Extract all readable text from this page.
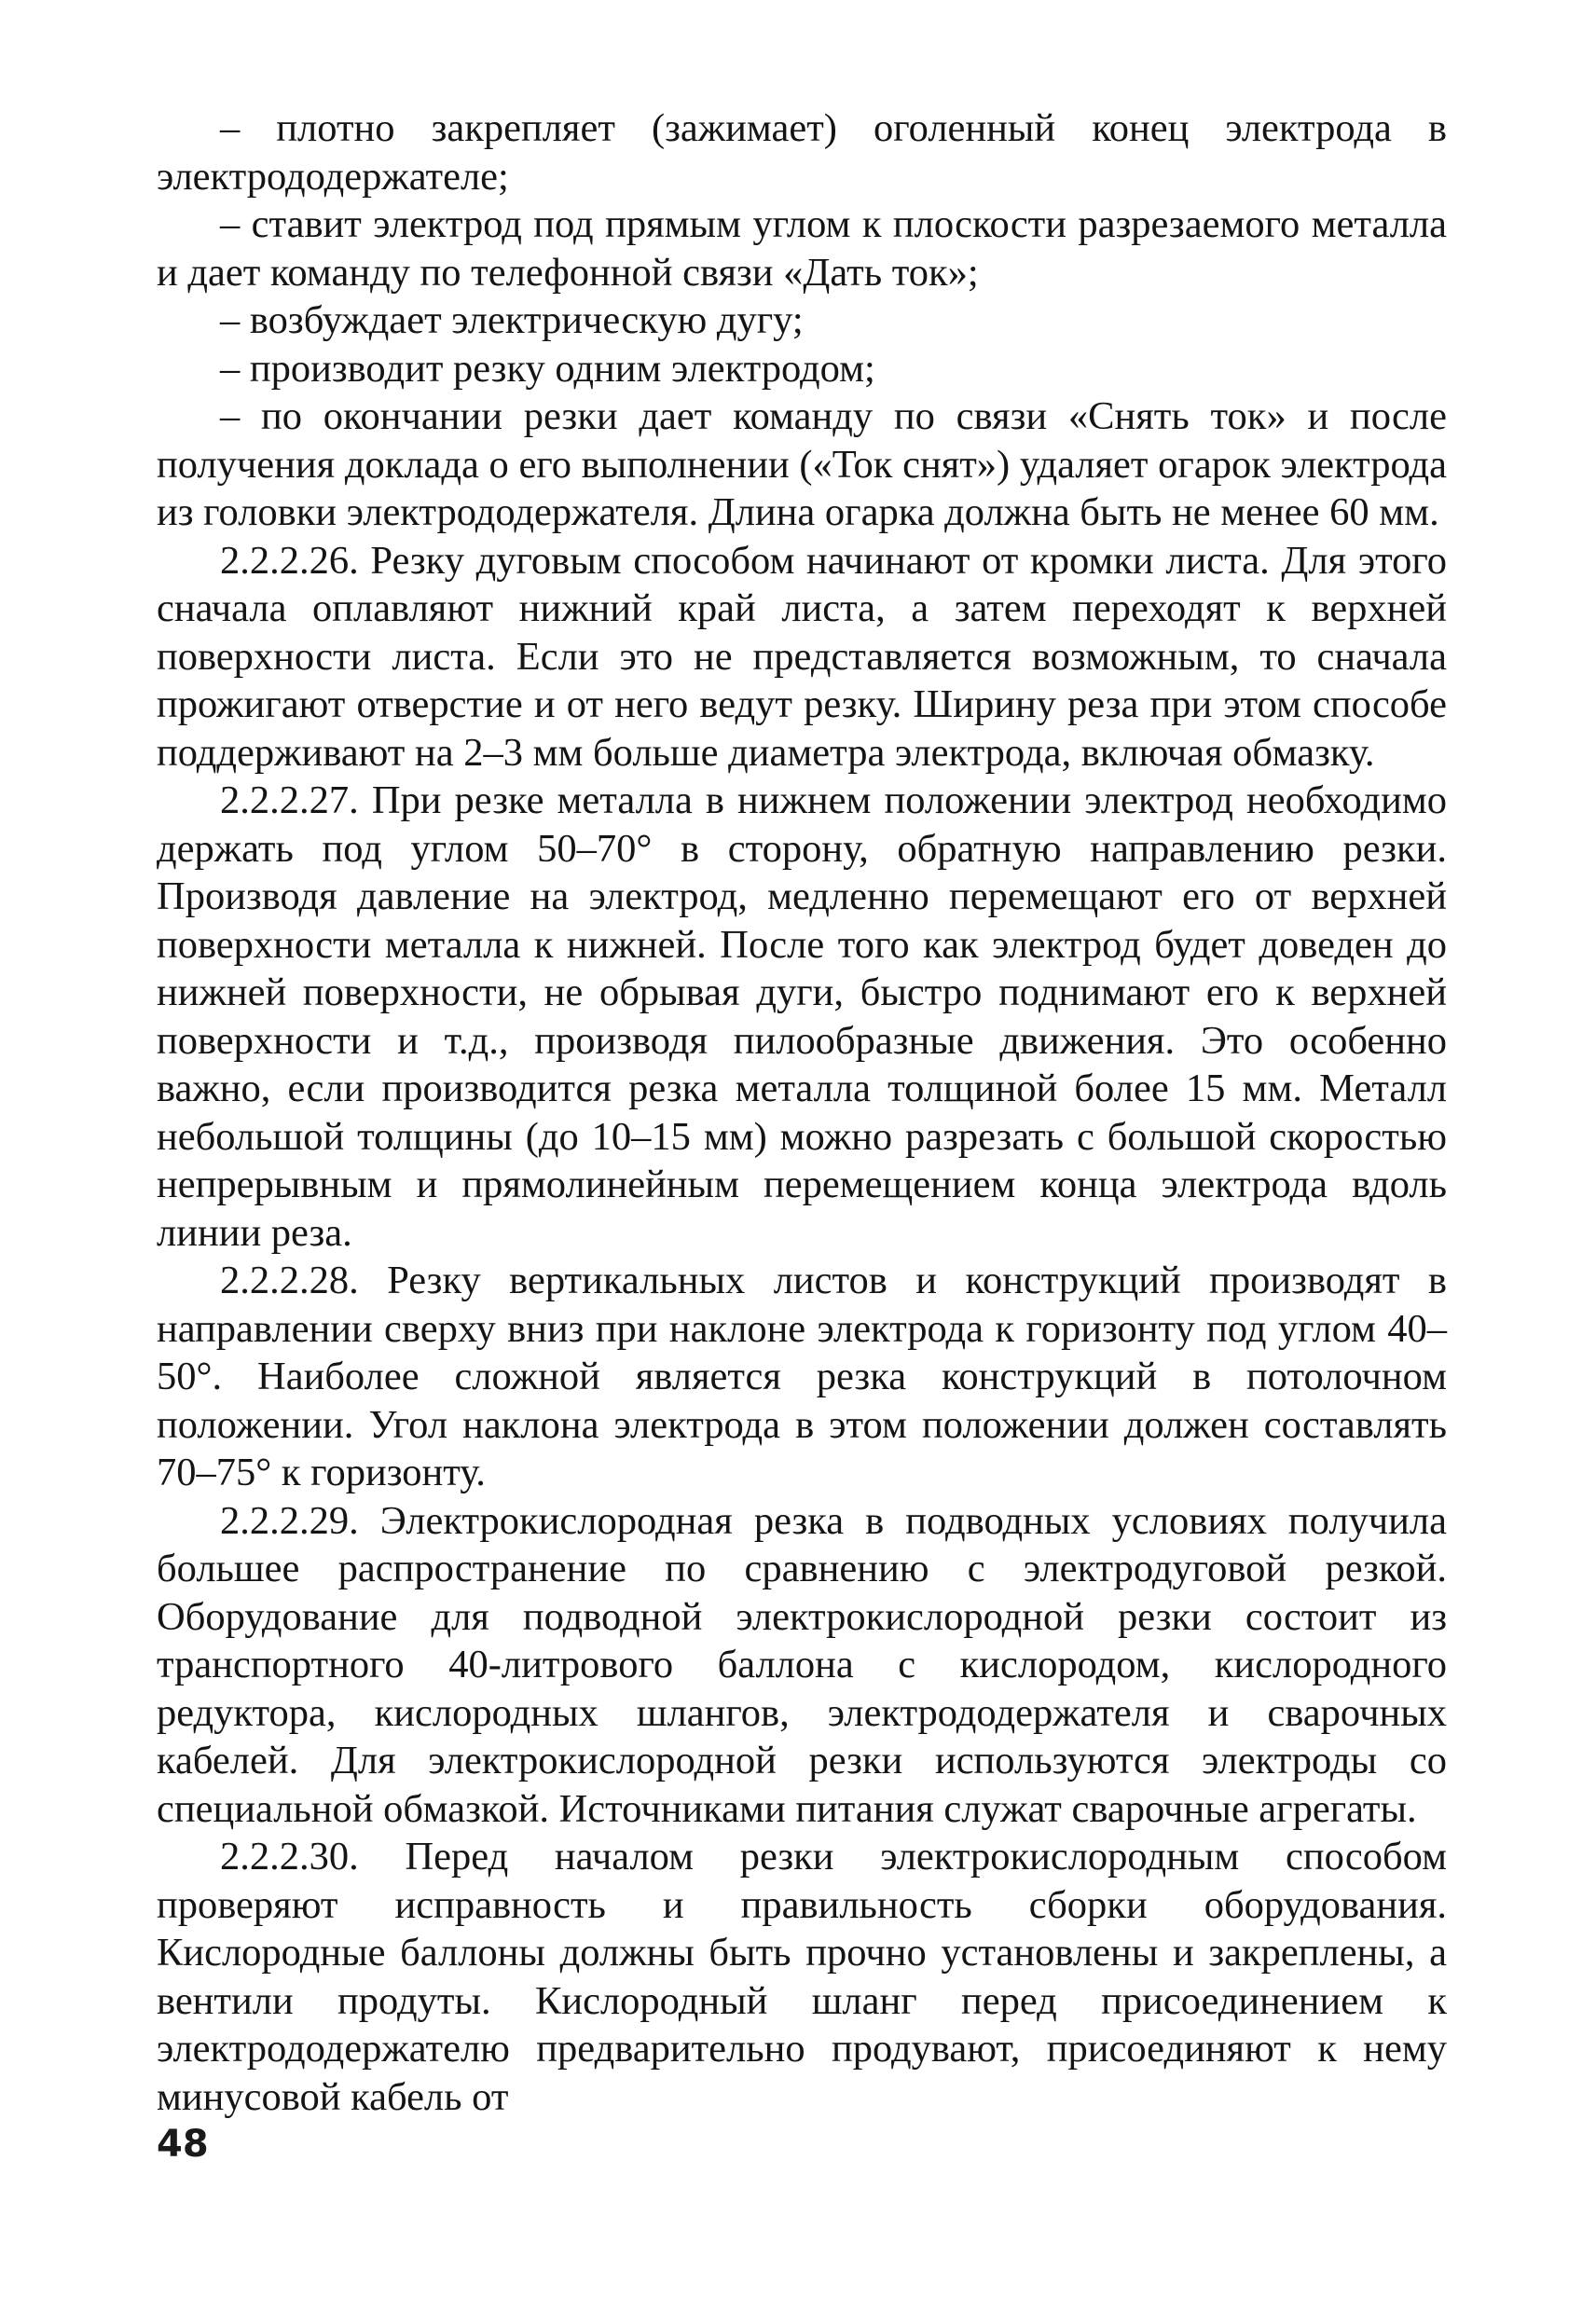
– плотно закрепляет (зажимает) оголенный конец электрода в электрододержателе;

– ставит электрод под прямым углом к плоскости разрезаемого металла и дает команду по телефонной связи «Дать ток»;

– возбуждает электрическую дугу;

– производит резку одним электродом;

– по окончании резки дает команду по связи «Снять ток» и после получения доклада о его выполнении («Ток снят») удаляет огарок электрода из головки электрододержателя. Длина огарка должна быть не менее 60 мм.

2.2.2.26. Резку дуговым способом начинают от кромки листа. Для этого сначала оплавляют нижний край листа, а затем переходят к верхней поверхности листа. Если это не представляется возможным, то сначала прожигают отверстие и от него ведут резку. Ширину реза при этом способе поддерживают на 2–3 мм больше диаметра электрода, включая обмазку.

2.2.2.27. При резке металла в нижнем положении электрод необходимо держать под углом 50–70° в сторону, обратную направлению резки. Производя давление на электрод, медленно перемещают его от верхней поверхности металла к нижней. После того как электрод будет доведен до нижней поверхности, не обрывая дуги, быстро поднимают его к верхней поверхности и т.д., производя пилообразные движения. Это особенно важно, если производится резка металла толщиной более 15 мм. Металл небольшой толщины (до 10–15 мм) можно разрезать с большой скоростью непрерывным и прямолинейным перемещением конца электрода вдоль линии реза.

2.2.2.28. Резку вертикальных листов и конструкций производят в направлении сверху вниз при наклоне электрода к горизонту под углом 40–50°. Наиболее сложной является резка конструкций в потолочном положении. Угол наклона электрода в этом положении должен составлять 70–75° к горизонту.

2.2.2.29. Электрокислородная резка в подводных условиях получила большее распространение по сравнению с электродуговой резкой. Оборудование для подводной электрокислородной резки состоит из транспортного 40-литрового баллона с кислородом, кислородного редуктора, кислородных шлангов, электрододержателя и сварочных кабелей. Для электрокислородной резки используются электроды со специальной обмазкой. Источниками питания служат сварочные агрегаты.

2.2.2.30. Перед началом резки электрокислородным способом проверяют исправность и правильность сборки оборудования. Кислородные баллоны должны быть прочно установлены и закреплены, а вентили продуты. Кислородный шланг перед присоединением к электрододержателю предварительно продувают, присоединяют к нему минусовой кабель от

48
